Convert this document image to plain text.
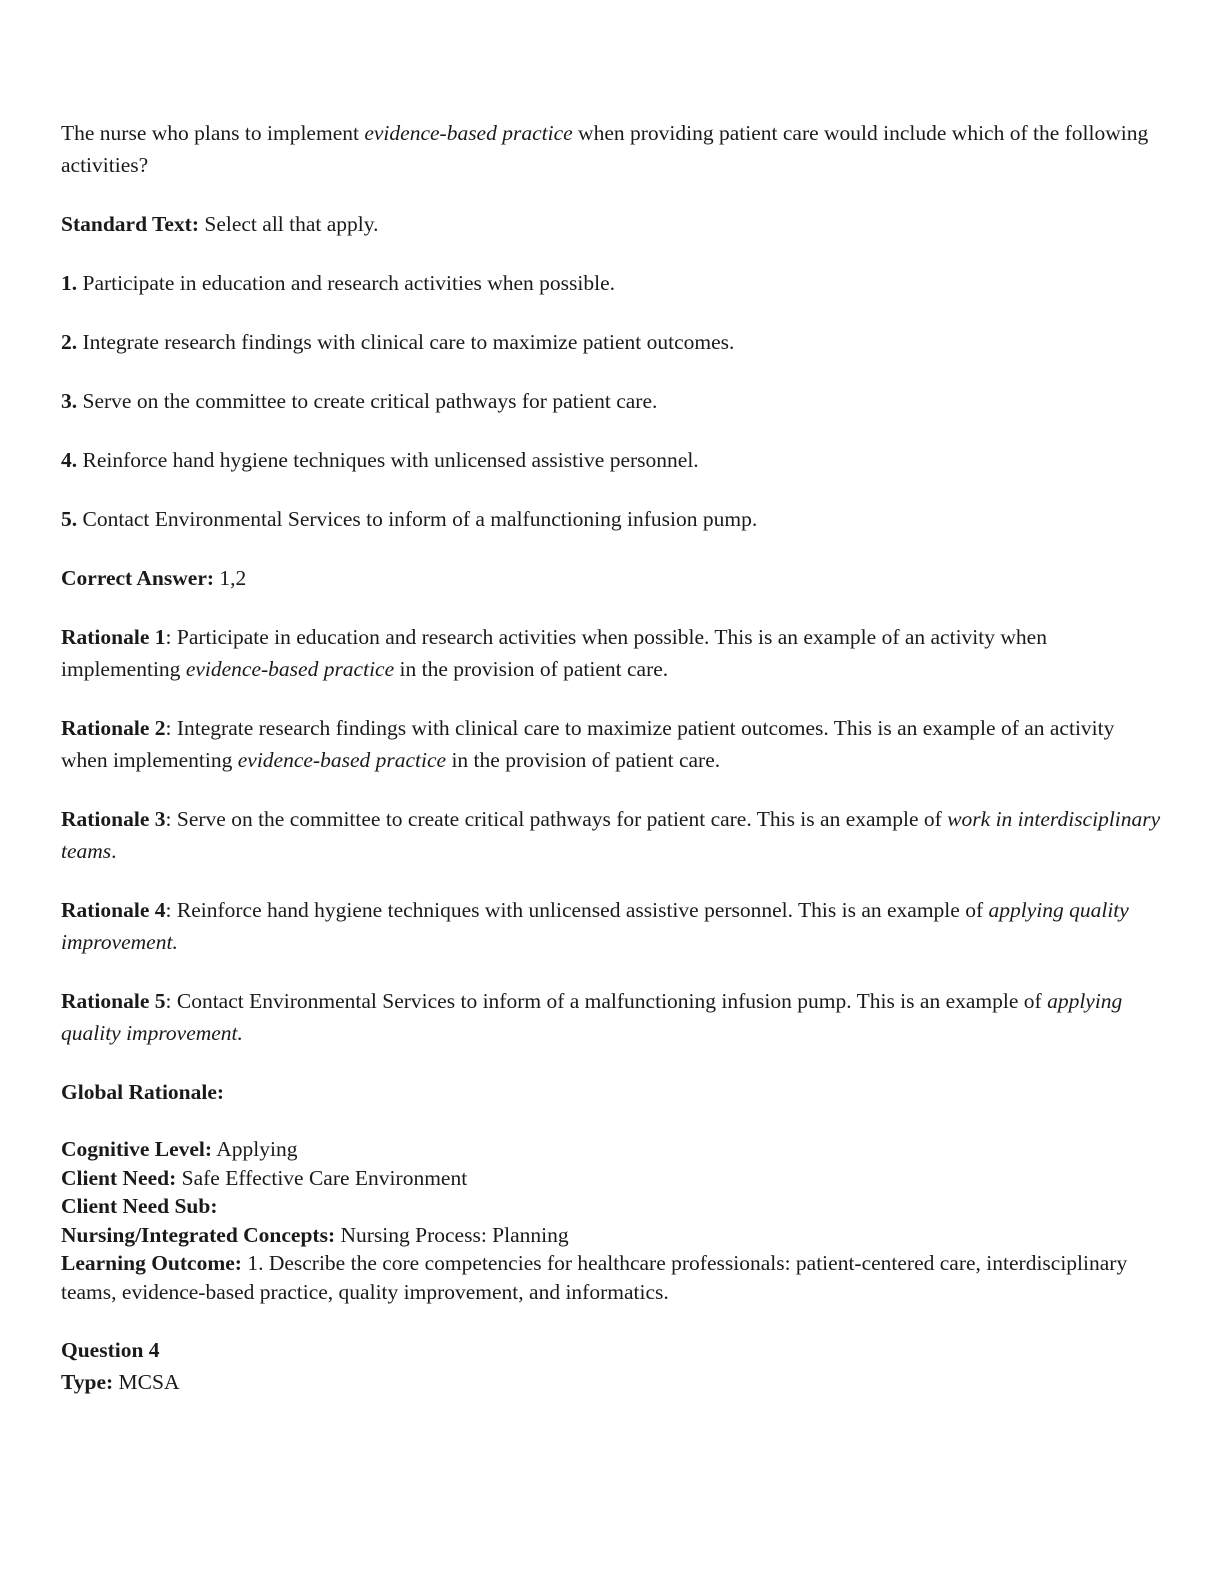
The nurse who plans to implement evidence-based practice when providing patient care would include which of the following activities?

Standard Text: Select all that apply.

1. Participate in education and research activities when possible.

2. Integrate research findings with clinical care to maximize patient outcomes.

3. Serve on the committee to create critical pathways for patient care.

4. Reinforce hand hygiene techniques with unlicensed assistive personnel.

5. Contact Environmental Services to inform of a malfunctioning infusion pump.

Correct Answer: 1,2

Rationale 1: Participate in education and research activities when possible. This is an example of an activity when implementing evidence-based practice in the provision of patient care.

Rationale 2: Integrate research findings with clinical care to maximize patient outcomes. This is an example of an activity when implementing evidence-based practice in the provision of patient care.

Rationale 3: Serve on the committee to create critical pathways for patient care. This is an example of work in interdisciplinary teams.

Rationale 4: Reinforce hand hygiene techniques with unlicensed assistive personnel. This is an example of applying quality improvement.

Rationale 5: Contact Environmental Services to inform of a malfunctioning infusion pump. This is an example of applying quality improvement.

Global Rationale:

Cognitive Level: Applying
Client Need: Safe Effective Care Environment
Client Need Sub:
Nursing/Integrated Concepts: Nursing Process: Planning
Learning Outcome: 1. Describe the core competencies for healthcare professionals: patient-centered care, interdisciplinary teams, evidence-based practice, quality improvement, and informatics.
Question 4
Type: MCSA
